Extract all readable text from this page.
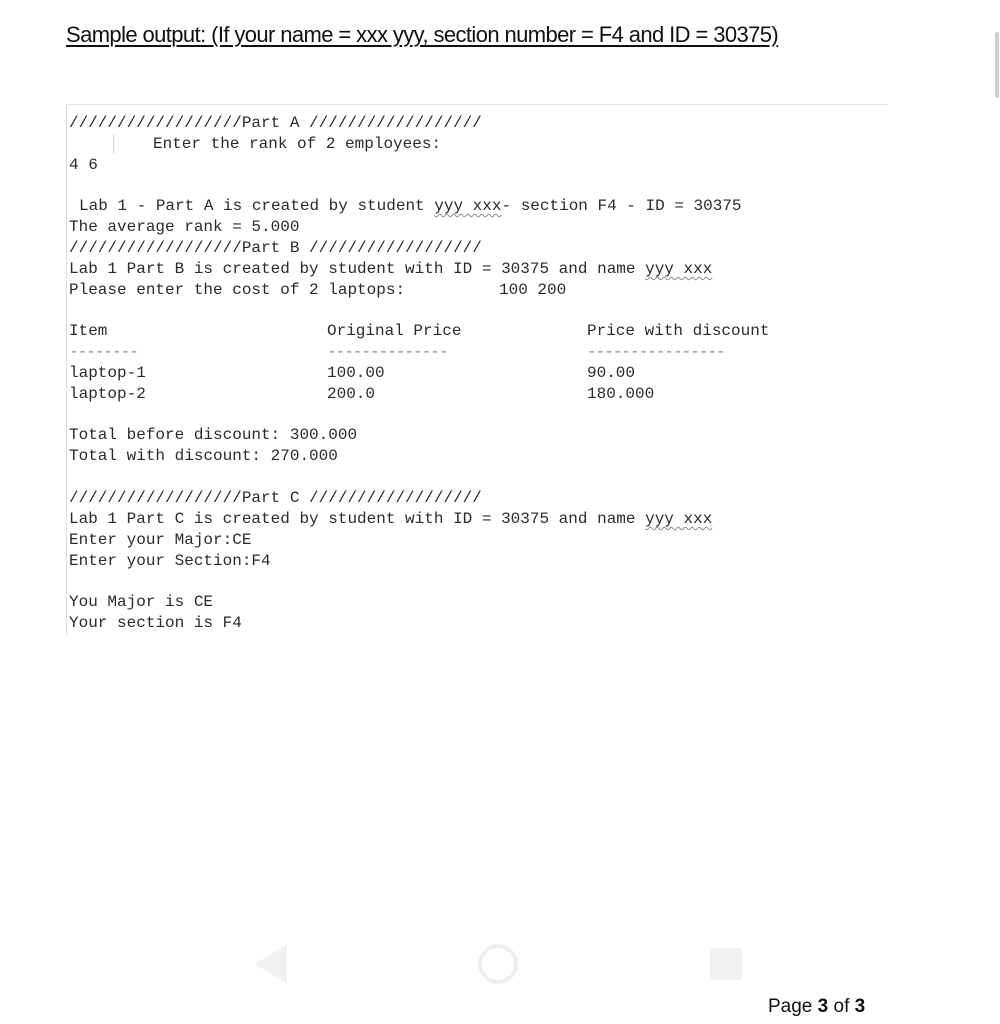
Sample output: (If your name = xxx yyy, section number = F4 and ID = 30375)
//////////////////Part A //////////////////
Enter the rank of 2 employees:
4 6
Lab 1 - Part A is created by student yyy xxx- section F4 - ID = 30375
The average rank = 5.000
//////////////////Part B //////////////////
Lab 1 Part B is created by student with ID = 30375 and name yyy xxx
Please enter the cost of 2 laptops:	100 200
Item	Original Price	Price with discount
--------	--------------	----------------
laptop-1	100.00	90.00
laptop-2	200.0	180.000
Total before discount: 300.000
Total with discount: 270.000
//////////////////Part C //////////////////
Lab 1 Part C is created by student with ID = 30375 and name yyy xxx
Enter your Major:CE
Enter your Section:F4
You Major is CE
Your section is F4
Page 3 of 3
